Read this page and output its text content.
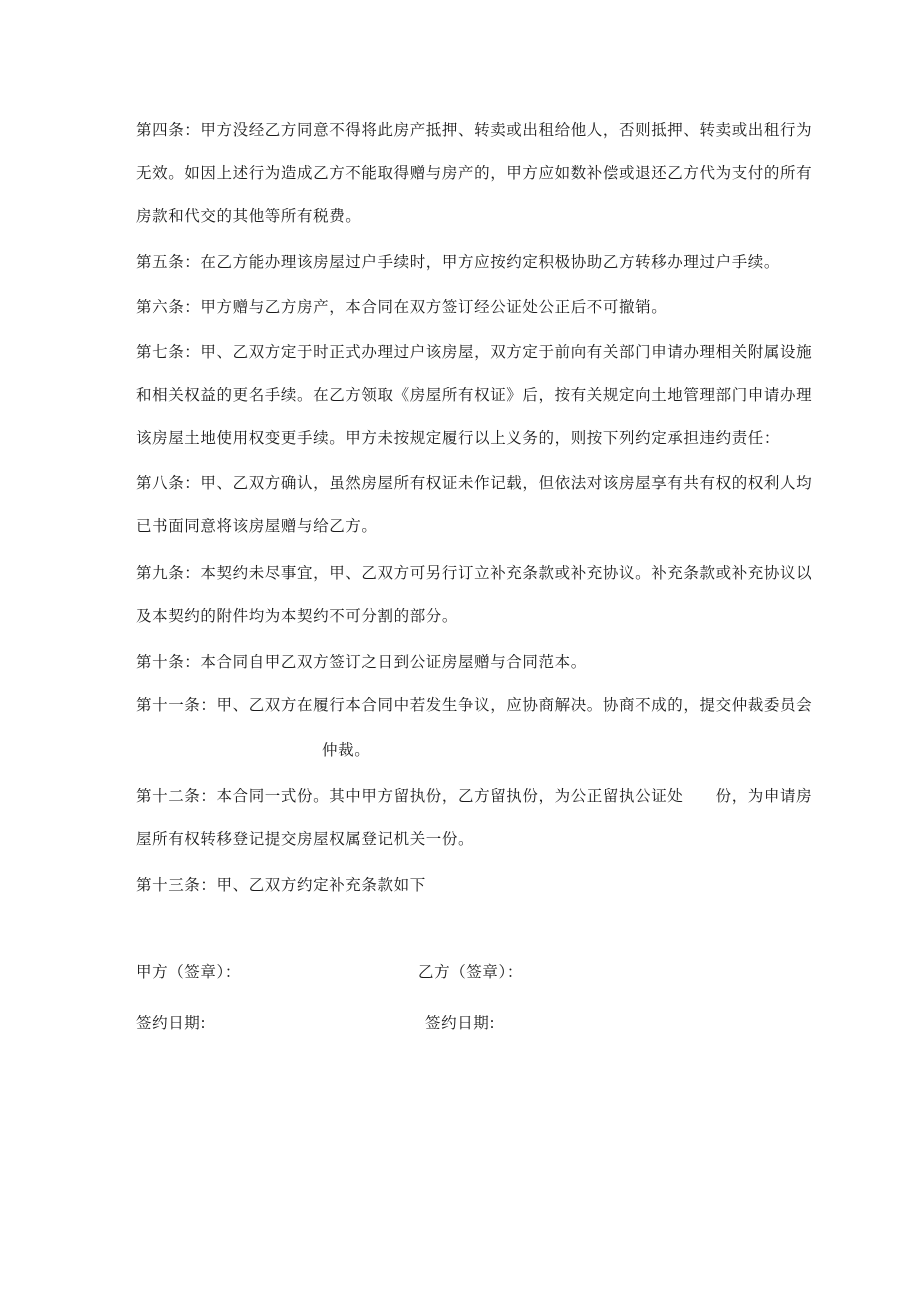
第四条：甲方没经乙方同意不得将此房产抵押、转卖或出租给他人，否则抵押、转卖或出租行为
无效。如因上述行为造成乙方不能取得赠与房产的，甲方应如数补偿或退还乙方代为支付的所有
房款和代交的其他等所有税费。
第五条：在乙方能办理该房屋过户手续时，甲方应按约定积极协助乙方转移办理过户手续。
第六条：甲方赠与乙方房产，本合同在双方签订经公证处公正后不可撤销。
第七条：甲、乙双方定于时正式办理过户该房屋，双方定于前向有关部门申请办理相关附属设施
和相关权益的更名手续。在乙方领取《房屋所有权证》后，按有关规定向土地管理部门申请办理
该房屋土地使用权变更手续。甲方未按规定履行以上义务的，则按下列约定承担违约责任：
第八条：甲、乙双方确认，虽然房屋所有权证未作记载，但依法对该房屋享有共有权的权利人均
已书面同意将该房屋赠与给乙方。
第九条：本契约未尽事宜，甲、乙双方可另行订立补充条款或补充协议。补充条款或补充协议以
及本契约的附件均为本契约不可分割的部分。
第十条：本合同自甲乙双方签订之日到公证房屋赠与合同范本。
第十一条：甲、乙双方在履行本合同中若发生争议，应协商解决。协商不成的，提交仲裁委员会
仲裁。
第十二条：本合同一式份。其中甲方留执份，乙方留执份，为公正留执公证处　　份，为申请房
屋所有权转移登记提交房屋权属登记机关一份。
第十三条：甲、乙双方约定补充条款如下
甲方（签章）：	乙方（签章）：
签约日期:	签约日期:
